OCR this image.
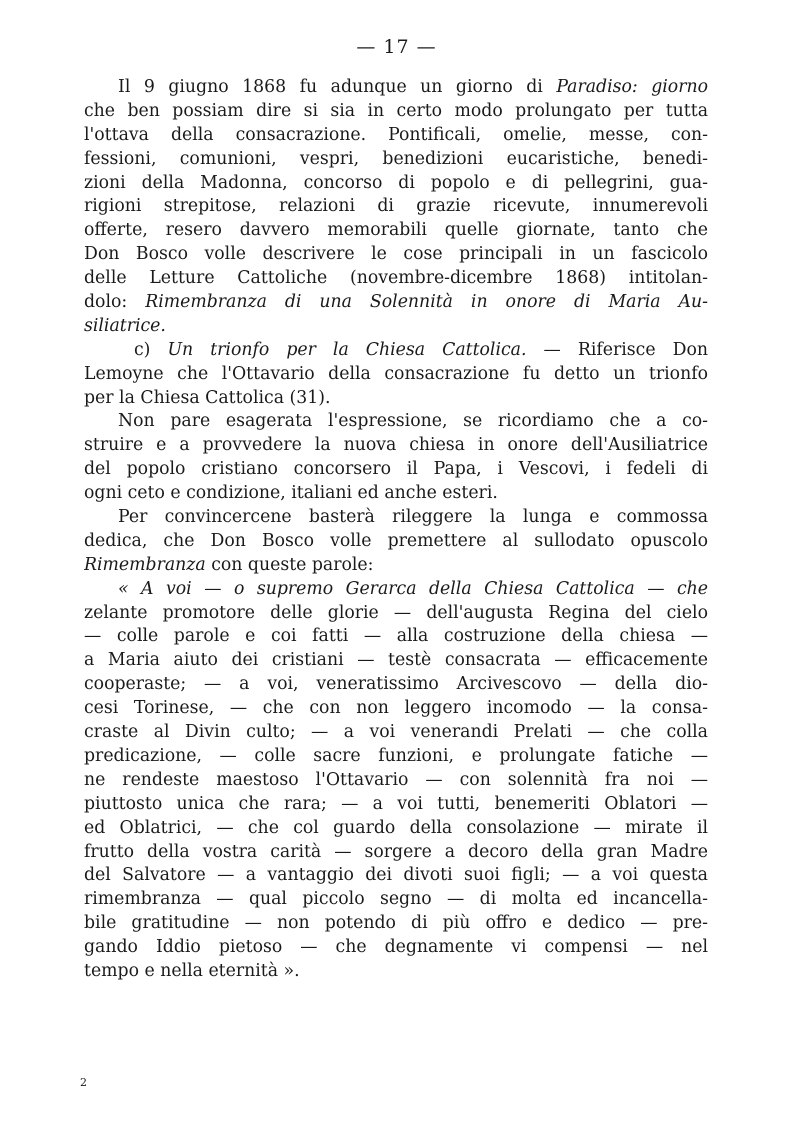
— 17 —
Il 9 giugno 1868 fu adunque un giorno di Paradiso: giorno
che ben possiam dire si sia in certo modo prolungato per tutta
l'ottava della consacrazione. Pontificali, omelie, messe, con-
fessioni, comunioni, vespri, benedizioni eucaristiche, benedi-
zioni della Madonna, concorso di popolo e di pellegrini, gua-
rigioni strepitose, relazioni di grazie ricevute, innumerevoli
offerte, resero davvero memorabili quelle giornate, tanto che
Don Bosco volle descrivere le cose principali in un fascicolo
delle Letture Cattoliche (novembre-dicembre 1868) intitolan-
dolo: Rimembranza di una Solennità in onore di Maria Au-
siliatrice.
c) Un trionfo per la Chiesa Cattolica. — Riferisce Don
Lemoyne che l'Ottavario della consacrazione fu detto un trionfo
per la Chiesa Cattolica (31).
Non pare esagerata l'espressione, se ricordiamo che a co-
struire e a provvedere la nuova chiesa in onore dell'Ausiliatrice
del popolo cristiano concorsero il Papa, i Vescovi, i fedeli di
ogni ceto e condizione, italiani ed anche esteri.
Per convincercene basterà rileggere la lunga e commossa
dedica, che Don Bosco volle premettere al sullodato opuscolo
Rimembranza con queste parole:
« A voi — o supremo Gerarca della Chiesa Cattolica — che
zelante promotore delle glorie — dell'augusta Regina del cielo
— colle parole e coi fatti — alla costruzione della chiesa —
a Maria aiuto dei cristiani — testè consacrata — efficacemente
cooperaste; — a voi, veneratissimo Arcivescovo — della dio-
cesi Torinese, — che con non leggero incomodo — la consa-
craste al Divin culto; — a voi venerandi Prelati — che colla
predicazione, — colle sacre funzioni, e prolungate fatiche —
ne rendeste maestoso l'Ottavario — con solennità fra noi —
piuttosto unica che rara; — a voi tutti, benemeriti Oblatori —
ed Oblatrici, — che col guardo della consolazione — mirate il
frutto della vostra carità — sorgere a decoro della gran Madre
del Salvatore — a vantaggio dei divoti suoi figli; — a voi questa
rimembranza — qual piccolo segno — di molta ed incancella-
bile gratitudine — non potendo di più offro e dedico — pre-
gando Iddio pietoso — che degnamente vi compensi — nel
tempo e nella eternità ».
2
